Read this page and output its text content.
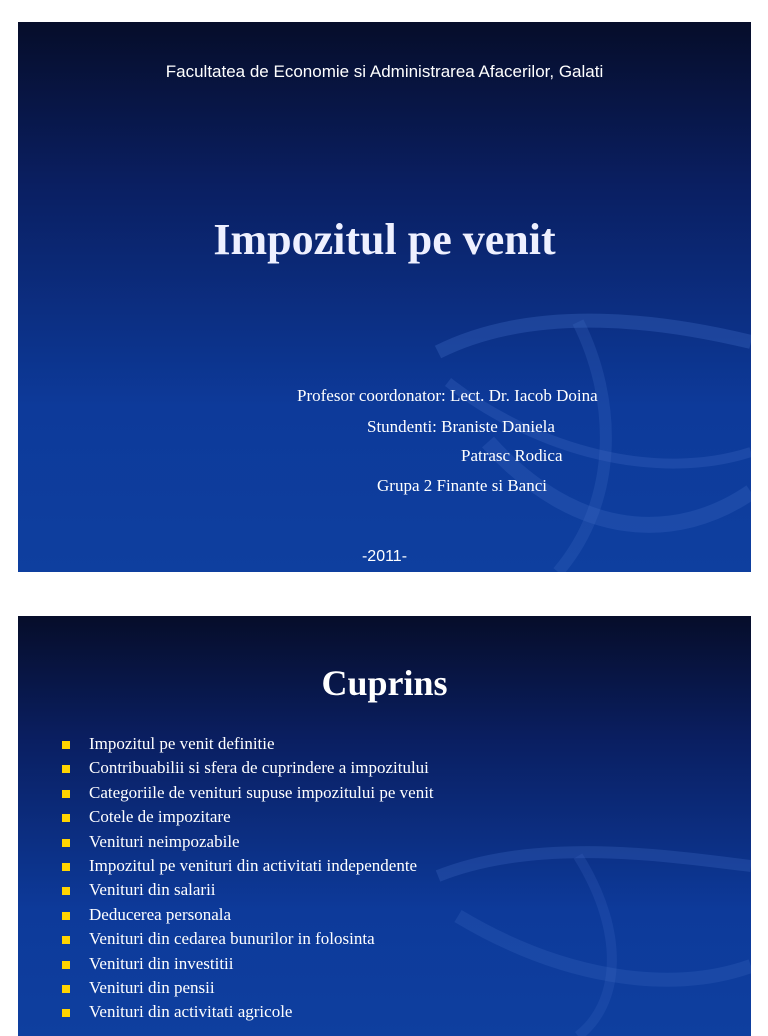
Facultatea de Economie si Administrarea Afacerilor, Galati
Impozitul pe venit
Profesor coordonator: Lect. Dr. Iacob Doina
Stundenti: Braniste Daniela
Patrasc Rodica
Grupa 2 Finante si Banci
-2011-
Cuprins
Impozitul pe venit definitie
Contribuabilii si sfera de cuprindere a impozitului
Categoriile de venituri supuse impozitului pe venit
Cotele de impozitare
Venituri neimpozabile
Impozitul pe venituri din activitati independente
Venituri din salarii
Deducerea personala
Venituri din cedarea bunurilor in folosinta
Venituri din investitii
Venituri din pensii
Venituri din activitati agricole
